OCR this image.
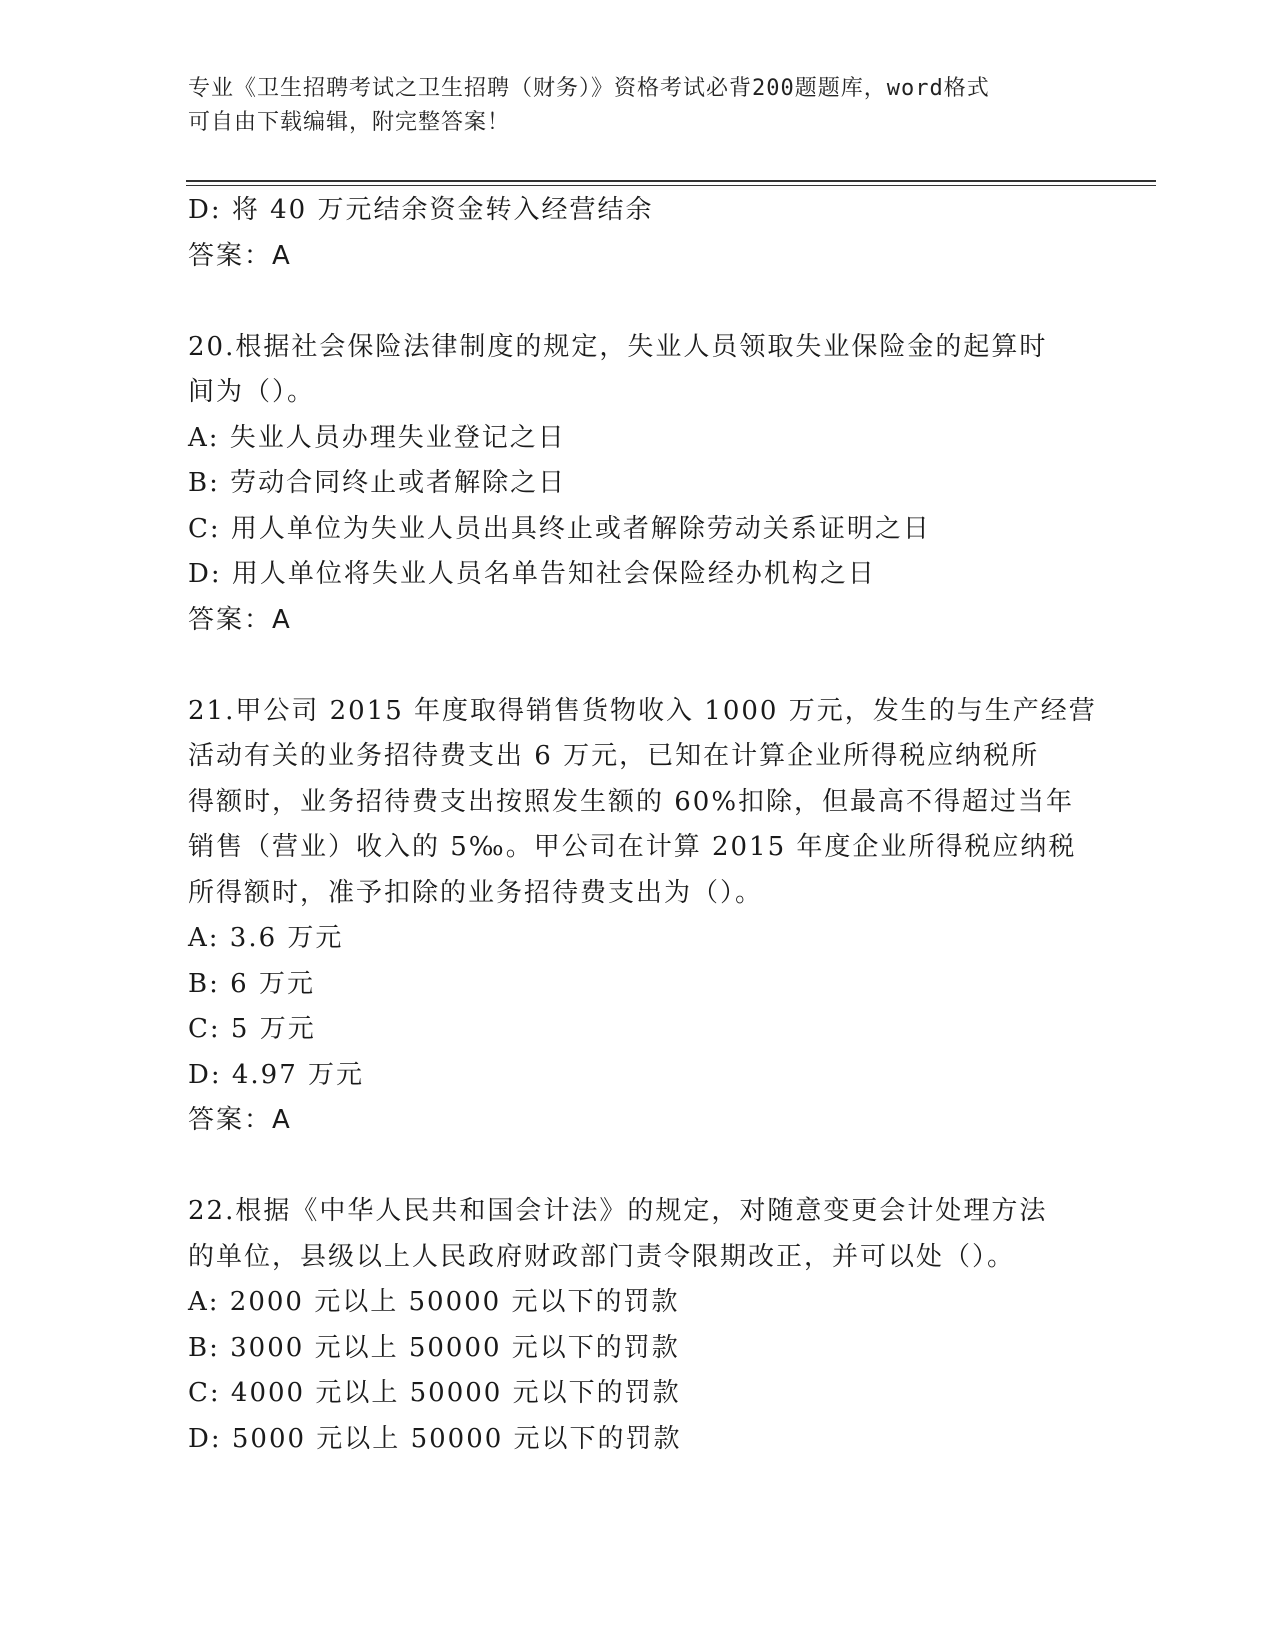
专业《卫生招聘考试之卫生招聘（财务）》资格考试必背200题题库，word格式
可自由下载编辑，附完整答案！

D: 将 40 万元结余资金转入经营结余

答案：A

20.根据社会保险法律制度的规定，失业人员领取失业保险金的起算时

间为（）。

A: 失业人员办理失业登记之日

B: 劳动合同终止或者解除之日

C: 用人单位为失业人员出具终止或者解除劳动关系证明之日

D: 用人单位将失业人员名单告知社会保险经办机构之日

答案：A

21.甲公司 2015 年度取得销售货物收入 1000 万元，发生的与生产经营

活动有关的业务招待费支出 6 万元，已知在计算企业所得税应纳税所

得额时，业务招待费支出按照发生额的 60%扣除，但最高不得超过当年

销售（营业）收入的 5‰。甲公司在计算 2015 年度企业所得税应纳税

所得额时，准予扣除的业务招待费支出为（）。

A: 3.6 万元

B: 6 万元

C: 5 万元

D: 4.97 万元

答案：A

22.根据《中华人民共和国会计法》的规定，对随意变更会计处理方法

的单位，县级以上人民政府财政部门责令限期改正，并可以处（）。

A: 2000 元以上 50000 元以下的罚款

B: 3000 元以上 50000 元以下的罚款

C: 4000 元以上 50000 元以下的罚款

D: 5000 元以上 50000 元以下的罚款
